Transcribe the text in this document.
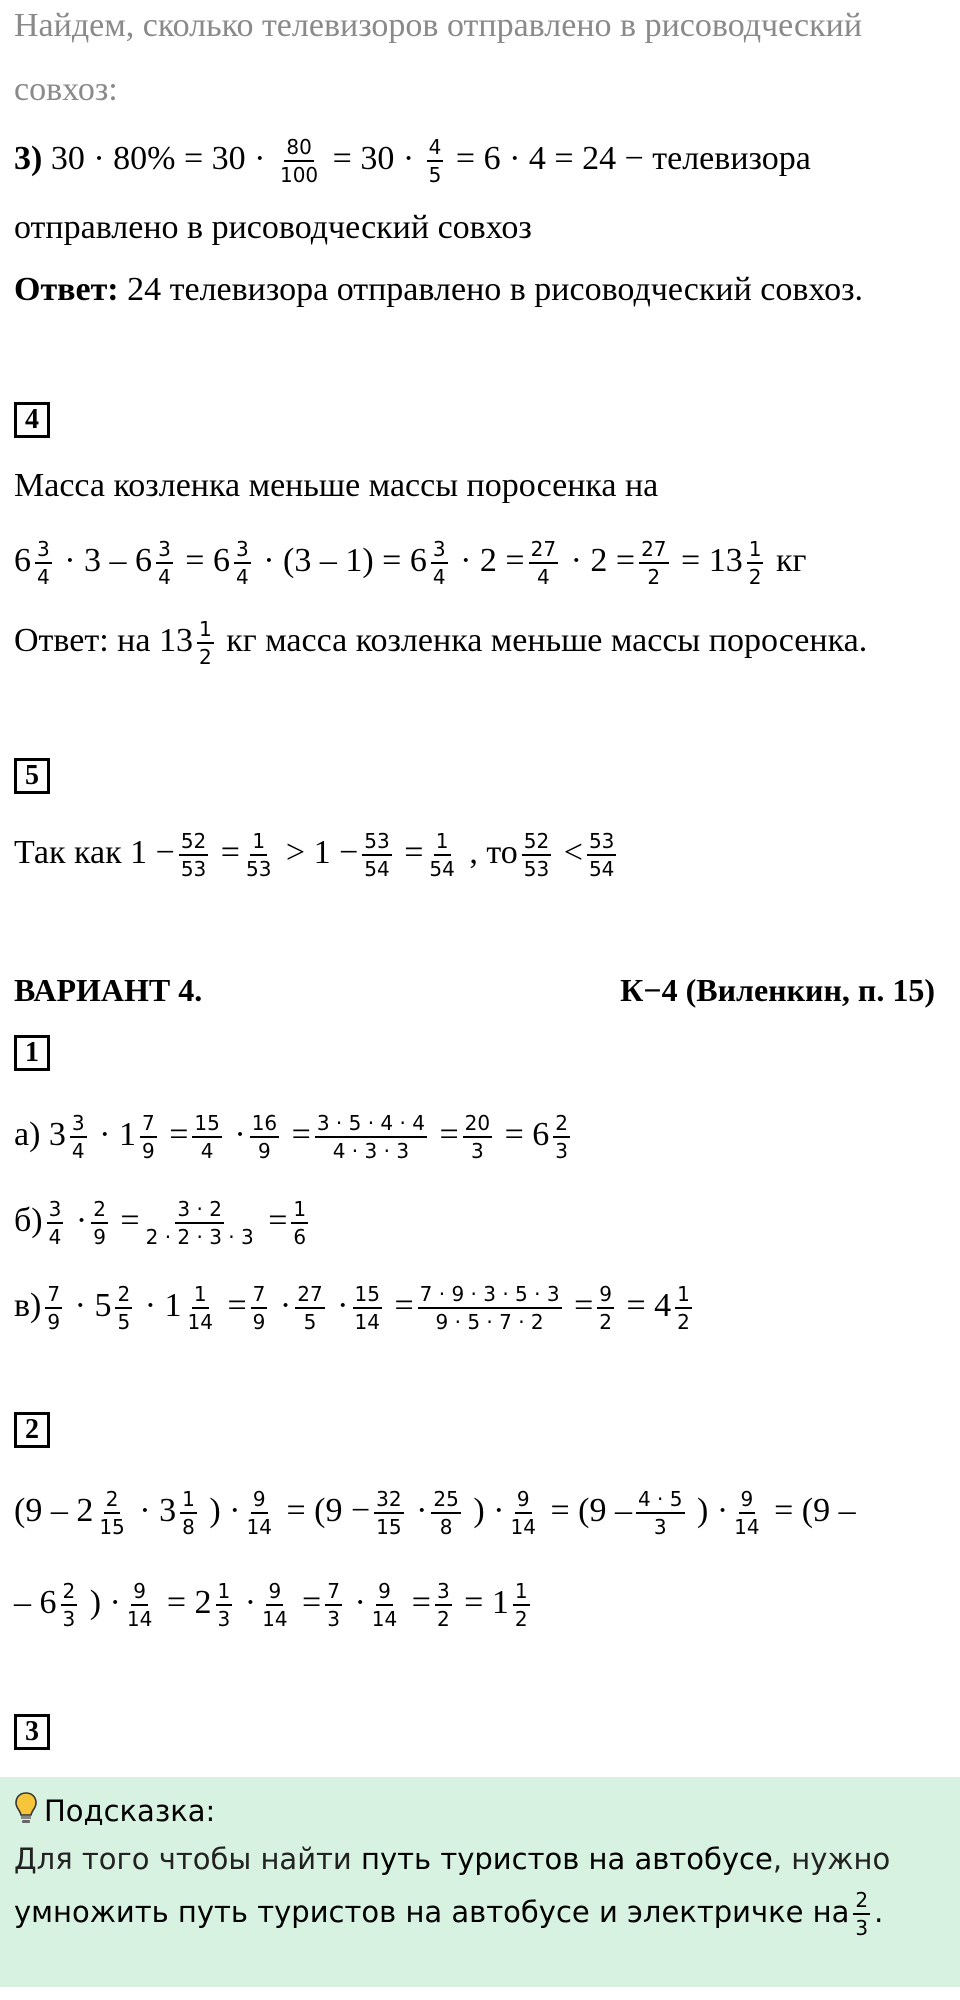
Найдем, сколько телевизоров отправлено в рисоводческий
совхоз:
3) $30 \cdot 80\% = 30 \cdot \frac{80}{100} = 30 \cdot \frac{4}{5} = 6 \cdot 4 = 24$ − телевизора
отправлено в рисоводческий совхоз
Ответ: 24 телевизора отправлено в рисоводческий совхоз.
4
Масса козленка меньше массы поросенка на
$6 \frac{3}{4} \cdot 3 - 6 \frac{3}{4} = 6 \frac{3}{4} \cdot (3 - 1) = 6 \frac{3}{4} \cdot 2 = \frac{27}{4} \cdot 2 = \frac{27}{2} = 13 \frac{1}{2}$ кг
Ответ: на $13 \frac{1}{2}$ кг масса козленка меньше массы поросенка.
5
Так как $1 - \frac{52}{53} = \frac{1}{53} > 1 - \frac{53}{54} = \frac{1}{54}$ , то $\frac{52}{53} < \frac{53}{54}$
ВАРИАНТ 4.	К−4 (Виленкин, п. 15)
1
а) $3 \frac{3}{4} \cdot 1 \frac{7}{9} = \frac{15}{4} \cdot \frac{16}{9} = \frac{3 \cdot 5 \cdot 4 \cdot 4}{4 \cdot 3 \cdot 3} = \frac{20}{3} = 6 \frac{2}{3}$
$б) \frac{3}{4} \cdot \frac{2}{9} = \frac{3 \cdot 2}{2 \cdot 2 \cdot 3 \cdot 3} = \frac{1}{6}$
$в) \frac{7}{9} \cdot 5 \frac{2}{5} \cdot 1 \frac{1}{14} = \frac{7}{9} \cdot \frac{27}{5} \cdot \frac{15}{14} = \frac{7 \cdot 9 \cdot 3 \cdot 5 \cdot 3}{9 \cdot 5 \cdot 7 \cdot 2} = \frac{9}{2} = 4 \frac{1}{2}$
2
($9 - 2 \frac{2}{15} \cdot 3 \frac{1}{8}$ ) · $\frac{9}{14} = (9 - \frac{32}{15} \cdot \frac{25}{8}$ ) · $\frac{9}{14} = (9 - \frac{4 \cdot 5}{3}$ ) · $\frac{9}{14} = (9$ –
– $6 \frac{2}{3}$ ) · $\frac{9}{14} = 2 \frac{1}{3} \cdot \frac{9}{14} = \frac{7}{3} \cdot \frac{9}{14} = \frac{3}{2} = 1 \frac{1}{2}$
3
Подсказка:
Для того чтобы найти путь туристов на автобусе, нужно
умножить путь туристов на автобусе и электричке на $\frac{2}{3}$ .
